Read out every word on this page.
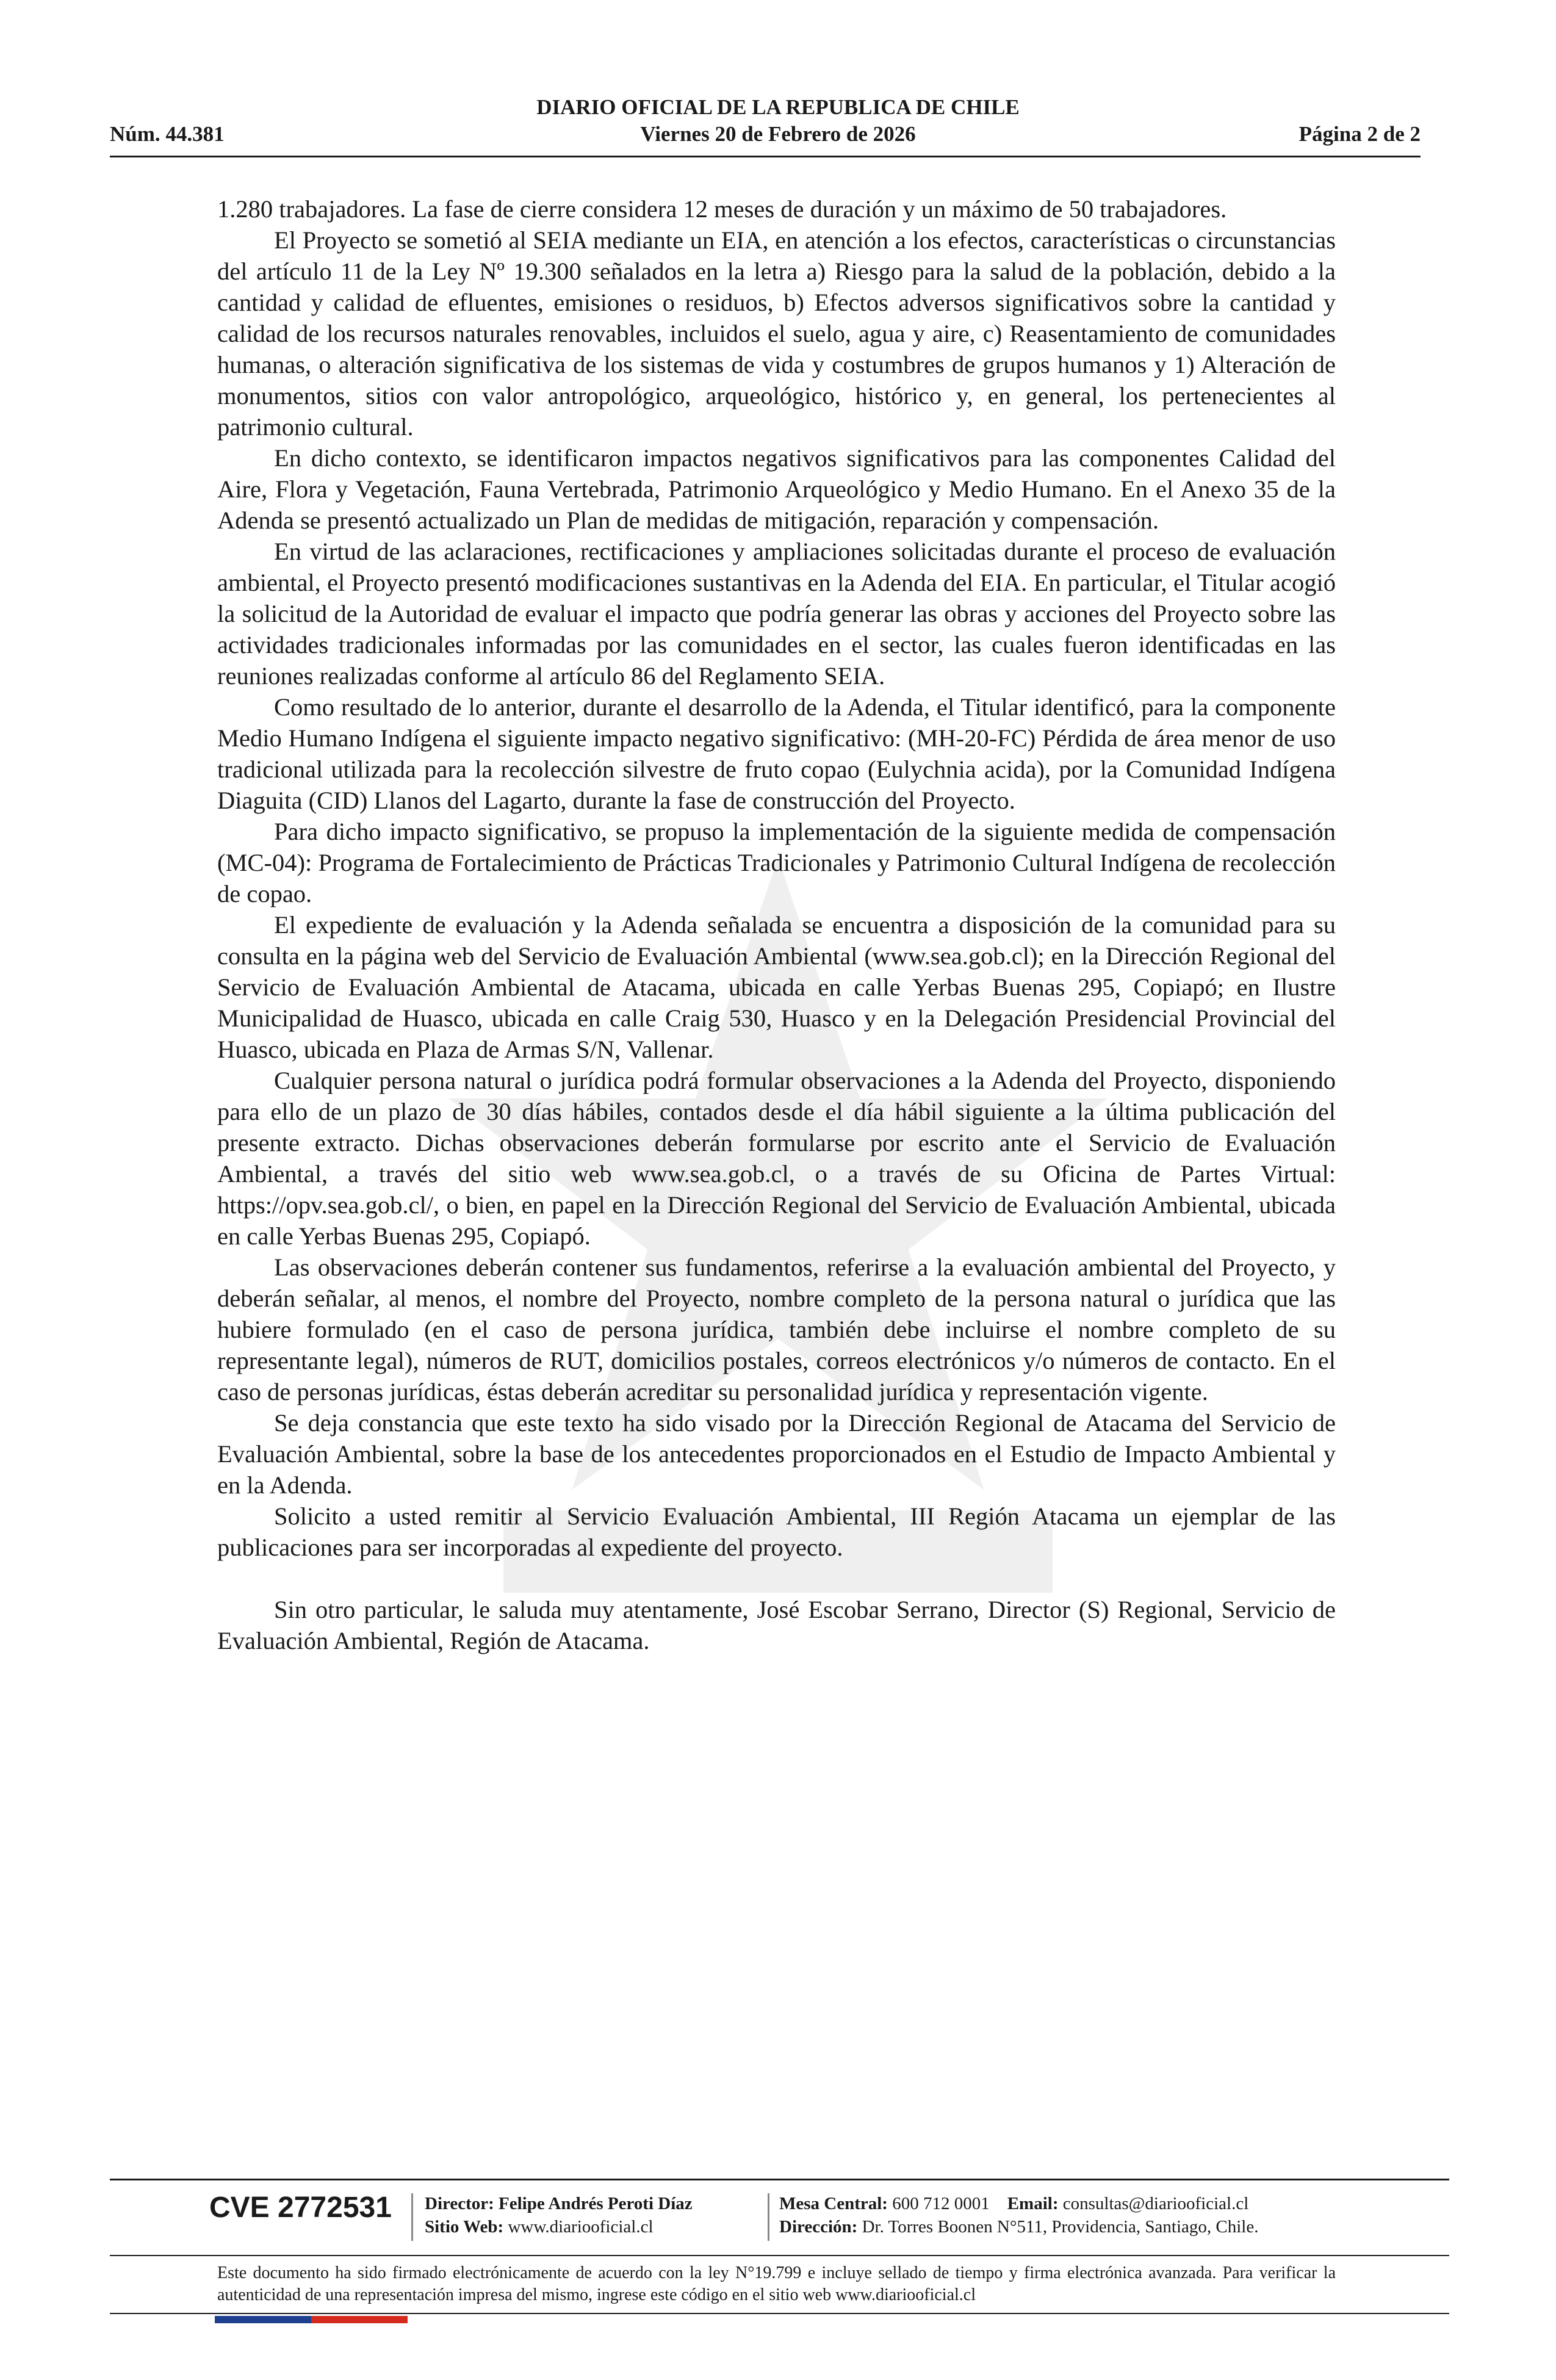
DIARIO OFICIAL DE LA REPUBLICA DE CHILE
Viernes 20 de Febrero de 2026
Núm. 44.381	Página 2 de 2

1.280 trabajadores. La fase de cierre considera 12 meses de duración y un máximo de 50 trabajadores.

El Proyecto se sometió al SEIA mediante un EIA, en atención a los efectos, características o circunstancias del artículo 11 de la Ley Nº 19.300 señalados en la letra a) Riesgo para la salud de la población, debido a la cantidad y calidad de efluentes, emisiones o residuos, b) Efectos adversos significativos sobre la cantidad y calidad de los recursos naturales renovables, incluidos el suelo, agua y aire, c) Reasentamiento de comunidades humanas, o alteración significativa de los sistemas de vida y costumbres de grupos humanos y 1) Alteración de monumentos, sitios con valor antropológico, arqueológico, histórico y, en general, los pertenecientes al patrimonio cultural.

En dicho contexto, se identificaron impactos negativos significativos para las componentes Calidad del Aire, Flora y Vegetación, Fauna Vertebrada, Patrimonio Arqueológico y Medio Humano. En el Anexo 35 de la Adenda se presentó actualizado un Plan de medidas de mitigación, reparación y compensación.

En virtud de las aclaraciones, rectificaciones y ampliaciones solicitadas durante el proceso de evaluación ambiental, el Proyecto presentó modificaciones sustantivas en la Adenda del EIA. En particular, el Titular acogió la solicitud de la Autoridad de evaluar el impacto que podría generar las obras y acciones del Proyecto sobre las actividades tradicionales informadas por las comunidades en el sector, las cuales fueron identificadas en las reuniones realizadas conforme al artículo 86 del Reglamento SEIA.

Como resultado de lo anterior, durante el desarrollo de la Adenda, el Titular identificó, para la componente Medio Humano Indígena el siguiente impacto negativo significativo: (MH-20-FC) Pérdida de área menor de uso tradicional utilizada para la recolección silvestre de fruto copao (Eulychnia acida), por la Comunidad Indígena Diaguita (CID) Llanos del Lagarto, durante la fase de construcción del Proyecto.

Para dicho impacto significativo, se propuso la implementación de la siguiente medida de compensación (MC-04): Programa de Fortalecimiento de Prácticas Tradicionales y Patrimonio Cultural Indígena de recolección de copao.

El expediente de evaluación y la Adenda señalada se encuentra a disposición de la comunidad para su consulta en la página web del Servicio de Evaluación Ambiental (www.sea.gob.cl); en la Dirección Regional del Servicio de Evaluación Ambiental de Atacama, ubicada en calle Yerbas Buenas 295, Copiapó; en Ilustre Municipalidad de Huasco, ubicada en calle Craig 530, Huasco y en la Delegación Presidencial Provincial del Huasco, ubicada en Plaza de Armas S/N, Vallenar.

Cualquier persona natural o jurídica podrá formular observaciones a la Adenda del Proyecto, disponiendo para ello de un plazo de 30 días hábiles, contados desde el día hábil siguiente a la última publicación del presente extracto. Dichas observaciones deberán formularse por escrito ante el Servicio de Evaluación Ambiental, a través del sitio web www.sea.gob.cl, o a través de su Oficina de Partes Virtual: https://opv.sea.gob.cl/, o bien, en papel en la Dirección Regional del Servicio de Evaluación Ambiental, ubicada en calle Yerbas Buenas 295, Copiapó.

Las observaciones deberán contener sus fundamentos, referirse a la evaluación ambiental del Proyecto, y deberán señalar, al menos, el nombre del Proyecto, nombre completo de la persona natural o jurídica que las hubiere formulado (en el caso de persona jurídica, también debe incluirse el nombre completo de su representante legal), números de RUT, domicilios postales, correos electrónicos y/o números de contacto. En el caso de personas jurídicas, éstas deberán acreditar su personalidad jurídica y representación vigente.

Se deja constancia que este texto ha sido visado por la Dirección Regional de Atacama del Servicio de Evaluación Ambiental, sobre la base de los antecedentes proporcionados en el Estudio de Impacto Ambiental y en la Adenda.

Solicito a usted remitir al Servicio Evaluación Ambiental, III Región Atacama un ejemplar de las publicaciones para ser incorporadas al expediente del proyecto.

Sin otro particular, le saluda muy atentamente, José Escobar Serrano, Director (S) Regional, Servicio de Evaluación Ambiental, Región de Atacama.

CVE 2772531 Director: Felipe Andrés Peroti Díaz
Sitio Web: www.diariooficial.cl
Mesa Central: 600 712 0001 Email: consultas@diariooficial.cl
Dirección: Dr. Torres Boonen N°511, Providencia, Santiago, Chile.
Este documento ha sido firmado electrónicamente de acuerdo con la ley N°19.799 e incluye sellado de tiempo y firma electrónica avanzada. Para verificar la autenticidad de una representación impresa del mismo, ingrese este código en el sitio web www.diariooficial.cl
